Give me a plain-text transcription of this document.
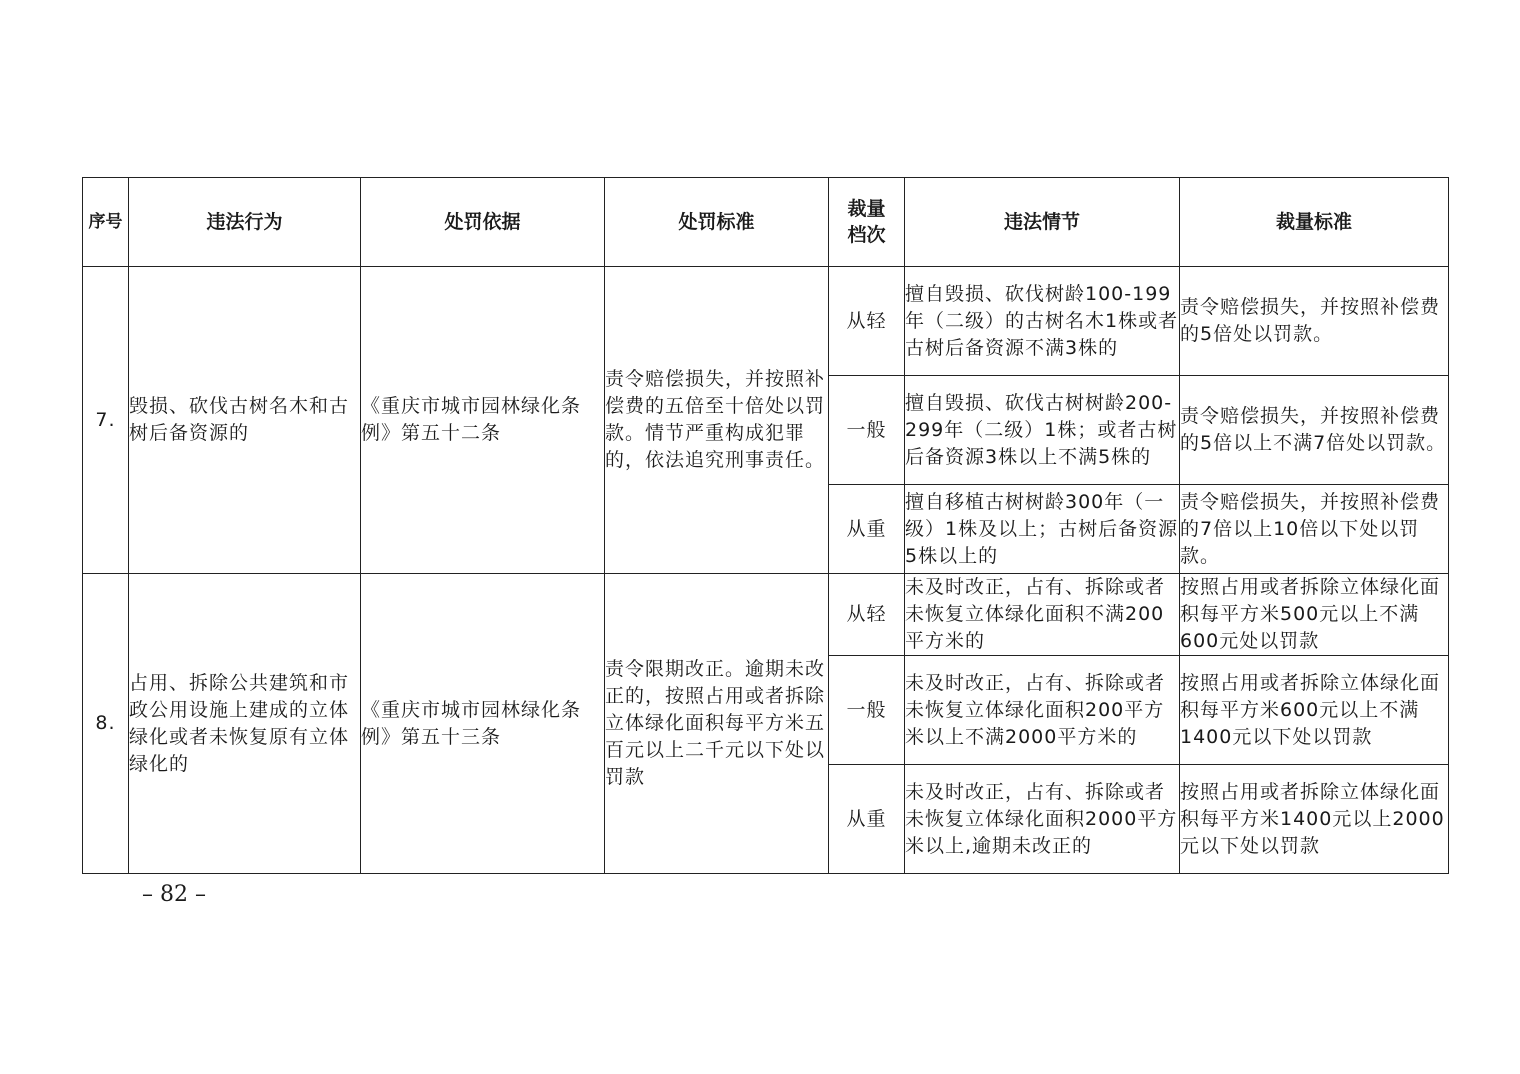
序号	违法行为	处罚依据	处罚标准	裁量档次	违法情节	裁量标准
7.	毁损、砍伐古树名木和古树后备资源的	《重庆市城市园林绿化条例》第五十二条	责令赔偿损失，并按照补偿费的五倍至十倍处以罚款。情节严重构成犯罪的，依法追究刑事责任。	从轻	擅自毁损、砍伐树龄100-199年（二级）的古树名木1株或者古树后备资源不满3株的	责令赔偿损失，并按照补偿费的5倍处以罚款。
				一般	擅自毁损、砍伐古树树龄200-299年（二级）1株；或者古树后备资源3株以上不满5株的	责令赔偿损失，并按照补偿费的5倍以上不满7倍处以罚款。
				从重	擅自移植古树树龄300年（一级）1株及以上；古树后备资源5株以上的	责令赔偿损失，并按照补偿费的7倍以上10倍以下处以罚款。
8.	占用、拆除公共建筑和市政公用设施上建成的立体绿化或者未恢复原有立体绿化的	《重庆市城市园林绿化条例》第五十三条	责令限期改正。逾期未改正的，按照占用或者拆除立体绿化面积每平方米五百元以上二千元以下处以罚款	从轻	未及时改正，占有、拆除或者未恢复立体绿化面积不满200平方米的	按照占用或者拆除立体绿化面积每平方米500元以上不满600元处以罚款
				一般	未及时改正，占有、拆除或者未恢复立体绿化面积200平方米以上不满2000平方米的	按照占用或者拆除立体绿化面积每平方米600元以上不满1400元以下处以罚款
				从重	未及时改正，占有、拆除或者未恢复立体绿化面积2000平方米以上,逾期未改正的	按照占用或者拆除立体绿化面积每平方米1400元以上2000元以下处以罚款
– 82 –
